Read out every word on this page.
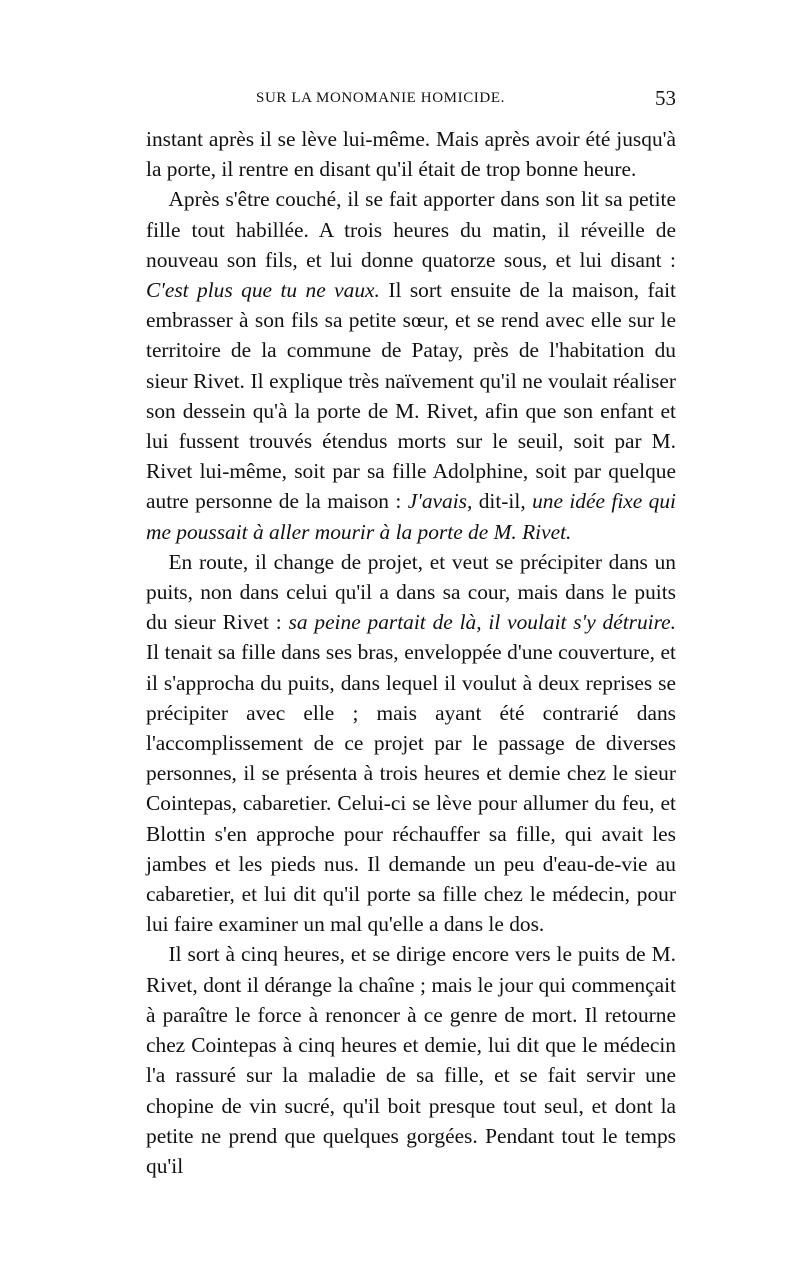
SUR LA MONOMANIE HOMICIDE.	53

instant après il se lève lui-même. Mais après avoir été jusqu'à la porte, il rentre en disant qu'il était de trop bonne heure.

Après s'être couché, il se fait apporter dans son lit sa petite fille tout habillée. A trois heures du matin, il réveille de nouveau son fils, et lui donne quatorze sous, et lui disant : C'est plus que tu ne vaux. Il sort ensuite de la maison, fait embrasser à son fils sa petite sœur, et se rend avec elle sur le territoire de la commune de Patay, près de l'habitation du sieur Rivet. Il explique très naïvement qu'il ne voulait réaliser son dessein qu'à la porte de M. Rivet, afin que son enfant et lui fussent trouvés étendus morts sur le seuil, soit par M. Rivet lui-même, soit par sa fille Adolphine, soit par quelque autre personne de la maison : J'avais, dit-il, une idée fixe qui me poussait à aller mourir à la porte de M. Rivet.

En route, il change de projet, et veut se précipiter dans un puits, non dans celui qu'il a dans sa cour, mais dans le puits du sieur Rivet : sa peine partait de là, il voulait s'y détruire. Il tenait sa fille dans ses bras, enveloppée d'une couverture, et il s'approcha du puits, dans lequel il voulut à deux reprises se précipiter avec elle ; mais ayant été contrarié dans l'accomplissement de ce projet par le passage de diverses personnes, il se présenta à trois heures et demie chez le sieur Cointepas, cabaretier. Celui-ci se lève pour allumer du feu, et Blottin s'en approche pour réchauffer sa fille, qui avait les jambes et les pieds nus. Il demande un peu d'eau-de-vie au cabaretier, et lui dit qu'il porte sa fille chez le médecin, pour lui faire examiner un mal qu'elle a dans le dos.

Il sort à cinq heures, et se dirige encore vers le puits de M. Rivet, dont il dérange la chaîne ; mais le jour qui commençait à paraître le force à renoncer à ce genre de mort. Il retourne chez Cointepas à cinq heures et demie, lui dit que le médecin l'a rassuré sur la maladie de sa fille, et se fait servir une chopine de vin sucré, qu'il boit presque tout seul, et dont la petite ne prend que quelques gorgées. Pendant tout le temps qu'il
